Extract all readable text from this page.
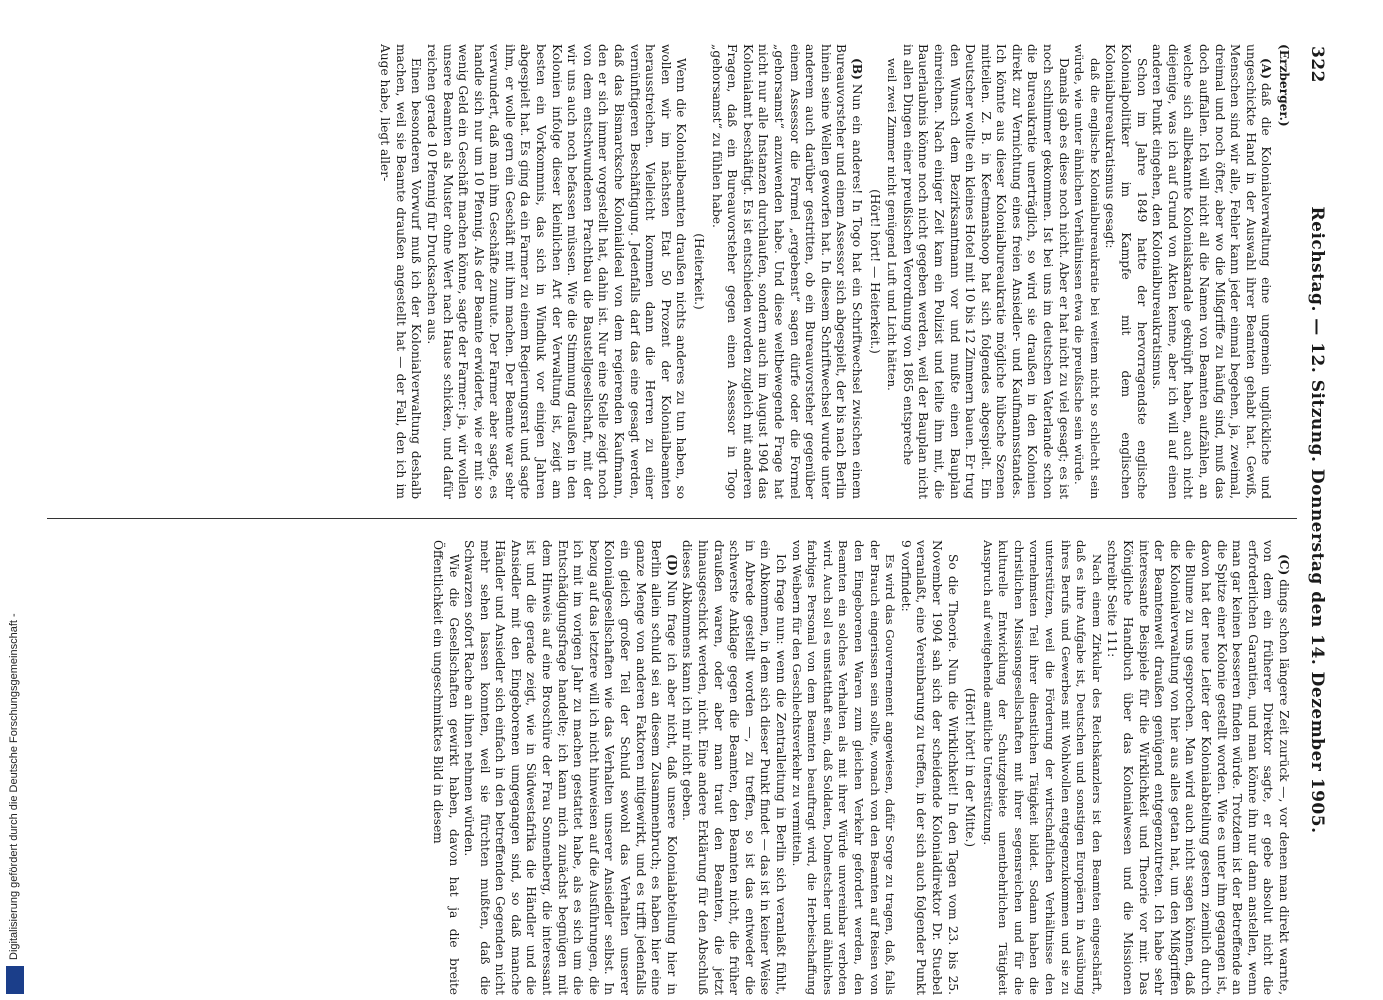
322
Reichstag. — 12. Sitzung. Donnerstag den 14. Dezember 1905.

(Erzberger.)

(A)daß die Kolonialverwaltung eine ungemein unglückliche und ungeschickte Hand in der Auswahl ihrer Beamten gehabt hat. Gewiß, Menschen sind wir alle, Fehler kann jeder einmal begehen, ja, zweimal, dreimal und noch öfter, aber wo die Mißgriffe zu häufig sind, muß das doch auffallen. Ich will nicht all die Namen von Beamten aufzählen, an welche sich allbekannte Kolonialskandale geknüpft haben, auch nicht diejenige, was ich auf Grund von Akten kenne, aber ich will auf einen anderen Punkt eingehen, den Kolonialbureaukratismus.

Schon im Jahre 1849 hatte der hervorragendste englische Kolonialpolitiker im Kampfe mit dem englischen Kolonialbureaukratismus gesagt:

daß die englische Kolonialbureaukratie bei weitem nicht so schlecht sein würde, wie unter ähnlichen Verhältnissen etwa die preußische sein würde.

Damals gab es diese noch nicht. Aber er hat nicht zu viel gesagt; es ist noch schlimmer gekommen. Ist bei uns im deutschen Vaterlande schon die Bureaukratie unerträglich, so wird sie draußen in den Kolonien direkt zur Vernichtung eines freien Ansiedler- und Kaufmannsstandes. Ich könnte aus dieser Kolonialbureaukratie mögliche hübsche Szenen mitteilen. Z. B. in Keetmanshoop hat sich folgendes abgespielt. Ein Deutscher wollte ein kleines Hotel mit 10 bis 12 Zimmern bauen. Er trug den Wunsch dem Bezirksamtmann vor und mußte einen Bauplan einreichen. Nach einiger Zeit kam ein Polizist und teilte ihm mit, die Bauerlaubnis könne noch nicht gegeben werden, weil der Bauplan nicht in allen Dingen einer preußischen Verordnung von 1865 entspreche

weil zwei Zimmer nicht genügend Luft und Licht hätten.

(Hört! hört! — Heiterkeit.)

(B)Nun ein anderes! In Togo hat ein Schriftwechsel zwischen einem Bureauvorsteher und einem Assessor sich abgespielt, der bis nach Berlin hinein seine Wellen geworfen hat. In diesem Schriftwechsel wurde unter anderem auch darüber gestritten, ob ein Bureauvorsteher gegenüber einem Assessor die Formel „ergebenst“ sagen dürfe oder die Formel „gehorsamst“ anzuwenden habe. Und diese weltbewegende Frage hat nicht nur alle Instanzen durchlaufen, sondern auch im August 1904 das Kolonialamt beschäftigt. Es ist entschieden worden zugleich mit anderen Fragen, daß ein Bureauvorsteher gegen einen Assessor in Togo „gehorsamst“ zu fühlen habe.

(Heiterkeit.)

Wenn die Kolonialbeamten draußen nichts anderes zu tun haben, so wollen wir im nächsten Etat 50 Prozent der Kolonialbeamten herausstreichen. Vielleicht kommen dann die Herren zu einer vernünftigeren Beschäftigung. Jedenfalls darf das eine gesagt werden, daß das Bismarcksche Kolonialideal von dem regierenden Kaufmann, den er sich immer vorgestellt hat, dahin ist. Nur eine Stelle zeigt noch von dem entschwundenen Prachtbau die Baustellgesellschaft, mit der wir uns auch noch befassen müssen. Wie die Stimmung draußen in den Kolonien infolge dieser kleinlichen Art der Verwaltung ist, zeigt am besten ein Vorkommnis, das sich in Windhuk vor einigen Jahren abgespielt hat. Es ging da ein Farmer zu einem Regierungsrat und sagte ihm, er wolle gern ein Geschäft mit ihm machen. Der Beamte war sehr verwundert, daß man ihm Geschäfte zumute. Der Farmer aber sagte, es handle sich nur um 10 Pfennig. Als der Beamte erwiderte, wie er mit so wenig Geld ein Geschäft machen könne, sagte der Farmer: ja, wir wollen unsere Beamten als Muster ohne Wert nach Hause schicken, und dafür reichen gerade 10 Pfennig für Drucksachen aus.

Einen besonderen Vorwurf muß ich der Kolonialverwaltung deshalb machen, weil sie Beamte draußen angestellt hat — der Fall, den ich im Auge habe, liegt aller-

(C)dings schon längere Zeit zurück —, vor denen man direkt warnte, von dem ein früherer Direktor sagte, er gebe absolut nicht die erforderlichen Garantien, und man könne ihn nur dann anstellen, wenn man gar keinen besseren finden würde. Trotzdem ist der Betreffende an die Spitze einer Kolonie gestellt worden. Wie es unter ihm gegangen ist, davon hat der neue Leiter der Kolonialabteilung gestern ziemlich durch die Blume zu uns gesprochen. Man wird auch nicht sagen können, daß die Kolonialverwaltung von hier aus alles getan hat, um den Mißgriffen der Beamtenwelt draußen genügend entgegenzutreten. Ich habe sehr interessante Beispiele für die Wirklichkeit und Theorie vor mir. Das Königliche Handbuch über das Kolonialwesen und die Missionen schreibt Seite 111:

Nach einem Zirkular des Reichskanzlers ist den Beamten eingeschärft, daß es ihre Aufgabe ist, Deutschen und sonstigen Europäern in Ausübung ihres Berufs und Gewerbes mit Wohlwollen entgegenzukommen und sie zu unterstützen, weil die Förderung der wirtschaftlichen Verhältnisse den vornehmsten Teil ihrer dienstlichen Tätigkeit bildet. Sodann haben die christlichen Missionsgesellschaften mit ihrer segensreichen und für die kulturelle Entwicklung der Schutzgebiete unentbehrlichen Tätigkeit Anspruch auf weitgehende amtliche Unterstützung.

(Hört! hört! in der Mitte.)

So die Theorie. Nun die Wirklichkeit! In den Tagen vom 23. bis 25. November 1904 sah sich der scheidende Kolonialdirektor Dr. Stuebel veranlaßt, eine Vereinbarung zu treffen, in der sich auch folgender Punkt 9 vorfindet:

Es wird das Gouvernement angewiesen, dafür Sorge zu tragen, daß, falls der Brauch eingerissen sein sollte, wonach von den Beamten auf Reisen von den Eingeborenen Waren zum gleichen Verkehr gefordert werden, den Beamten ein solches Verhalten als mit ihrer Würde unvereinbar verboten wird. Auch soll es unstatthaft sein, daß Soldaten, Dolmetscher und ähnliches farbiges Personal von dem Beamten beauftragt wird, die Herbeischaffung von Weibern für den Geschlechtsverkehr zu vermitteln.

Ich frage nun: wenn die Zentralleitung in Berlin sich veranlaßt fühlt, ein Abkommen, in dem sich dieser Punkt findet — das ist in keiner Weise in Abrede gestellt worden —, zu treffen, so ist das entweder die schwerste Anklage gegen die Beamten, den Beamten nicht, die früher draußen waren, oder aber man traut den Beamten, die jetzt hinausgeschickt werden, nicht. Eine andere Erklärung für den Abschluß dieses Abkommens kann ich mir nicht geben.

(D)Nun frage ich aber nicht, daß unsere Kolonialabteilung hier in Berlin allein schuld sei an diesem Zusammenbruch; es haben hier eine ganze Menge von anderen Faktoren mitgewirkt, und es trifft jedenfalls ein gleich großer Teil der Schuld sowohl das Verhalten unserer Kolonialgesellschaften wie das Verhalten unserer Ansiedler selbst. In bezug auf das letztere will ich nicht hinweisen auf die Ausführungen, die ich mit im vorigen Jahr zu machen gestattet habe, als es sich um die Entschädigungsfrage handelte; ich kann mich zunächst begnügen mit dem Hinweis auf eine Broschüre der Frau Sonnenberg, die interessant ist und die gerade zeigt, wie in Südwestafrika die Händler und die Ansiedler mit den Eingeborenen umgegangen sind, so daß manche Händler und Ansiedler sich einfach in den betreffenden Gegenden nicht mehr sehen lassen konnten, weil sie fürchten mußten, daß die Schwarzen sofort Rache an ihnen nehmen würden.

Wie die Gesellschaften gewirkt haben, davon hat ja die breite Öffentlichkeit ein ungeschminktes Bild in diesem

Digitalisierung gefördert durch die Deutsche Forschungsgemeinschaft -
